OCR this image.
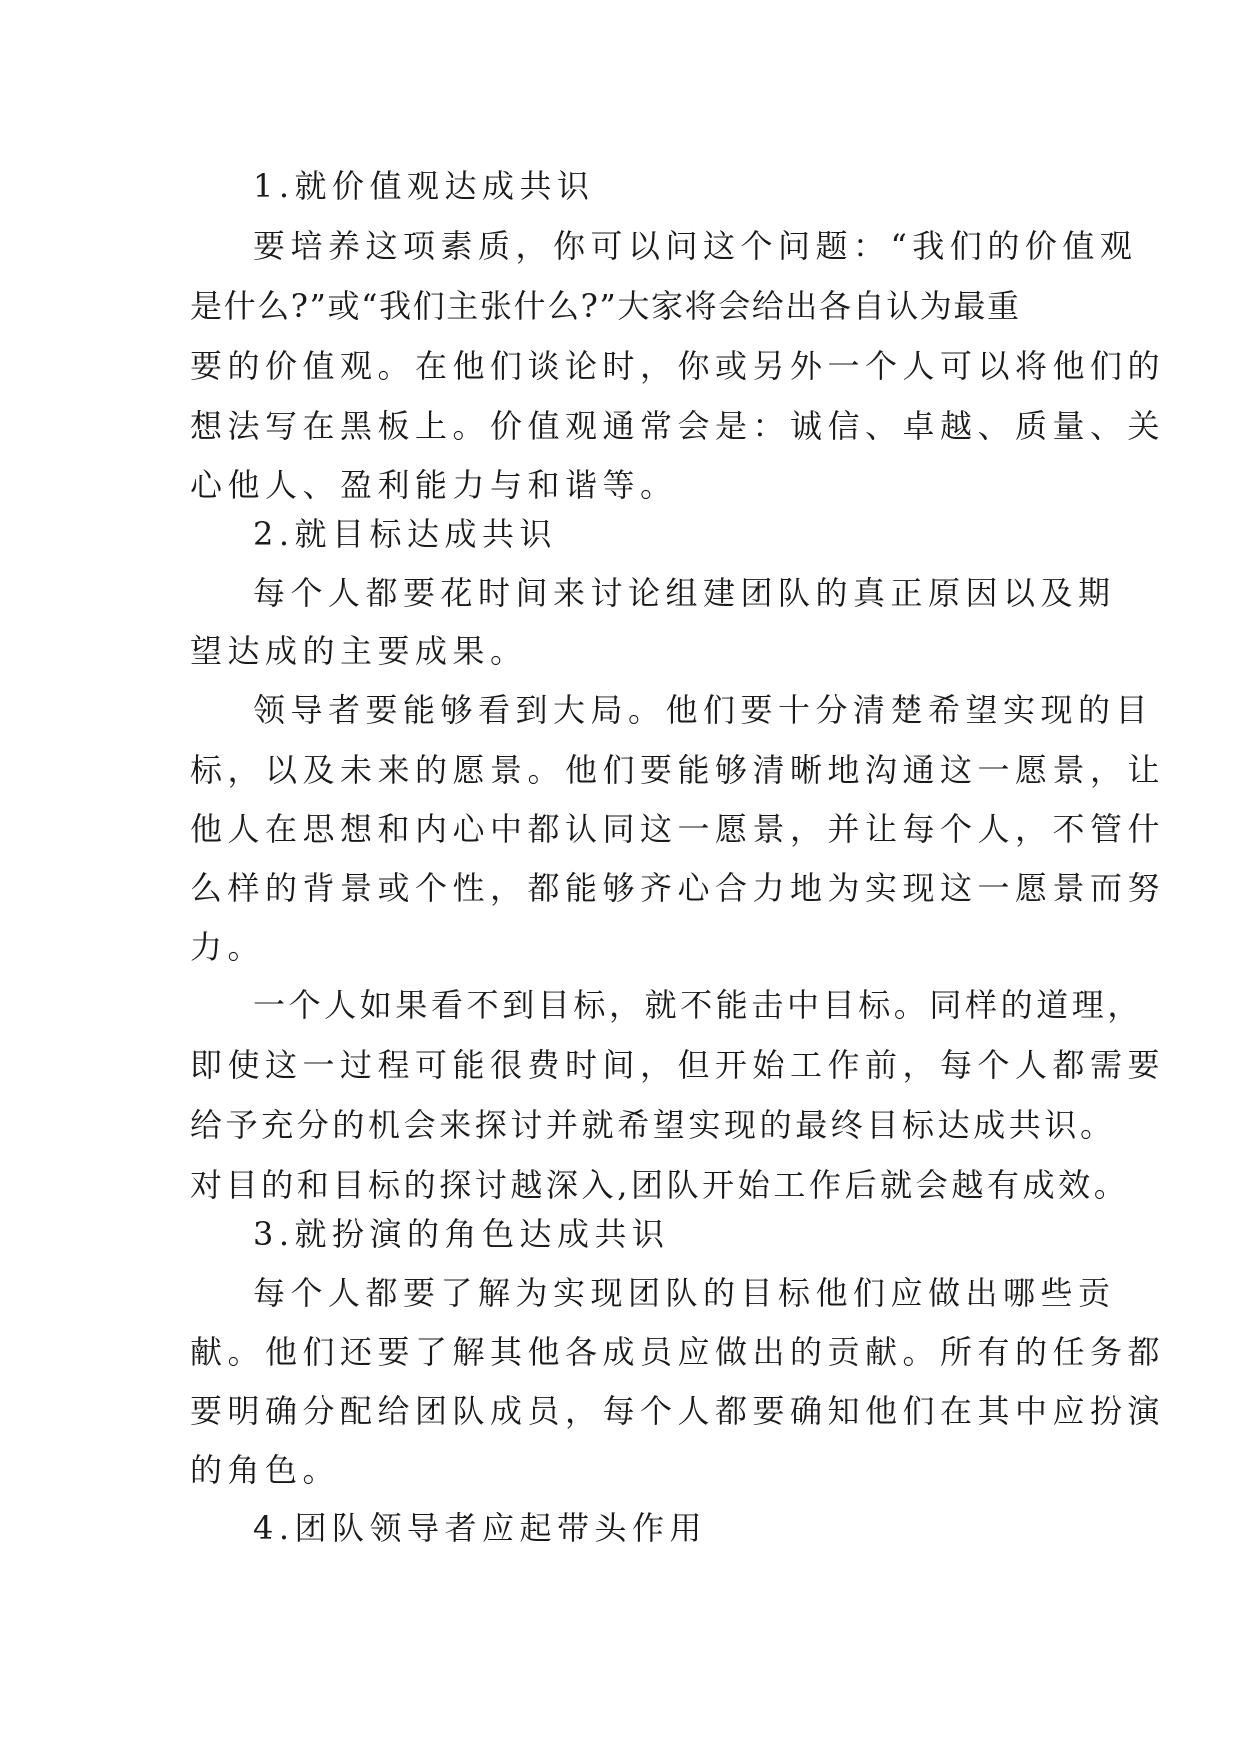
1.就价值观达成共识
要培养这项素质，你可以问这个问题：“我们的价值观
是什么?”或“我们主张什么?”大家将会给出各自认为最重
要的价值观。在他们谈论时，你或另外一个人可以将他们的
想法写在黑板上。价值观通常会是：诚信、卓越、质量、关
心他人、盈利能力与和谐等。
2.就目标达成共识
每个人都要花时间来讨论组建团队的真正原因以及期
望达成的主要成果。
领导者要能够看到大局。他们要十分清楚希望实现的目
标，以及未来的愿景。他们要能够清晰地沟通这一愿景，让
他人在思想和内心中都认同这一愿景，并让每个人，不管什
么样的背景或个性，都能够齐心合力地为实现这一愿景而努
力。
一个人如果看不到目标，就不能击中目标。同样的道理，
即使这一过程可能很费时间，但开始工作前，每个人都需要
给予充分的机会来探讨并就希望实现的最终目标达成共识。
对目的和目标的探讨越深入,团队开始工作后就会越有成效。
3.就扮演的角色达成共识
每个人都要了解为实现团队的目标他们应做出哪些贡
献。他们还要了解其他各成员应做出的贡献。所有的任务都
要明确分配给团队成员，每个人都要确知他们在其中应扮演
的角色。
4.团队领导者应起带头作用
